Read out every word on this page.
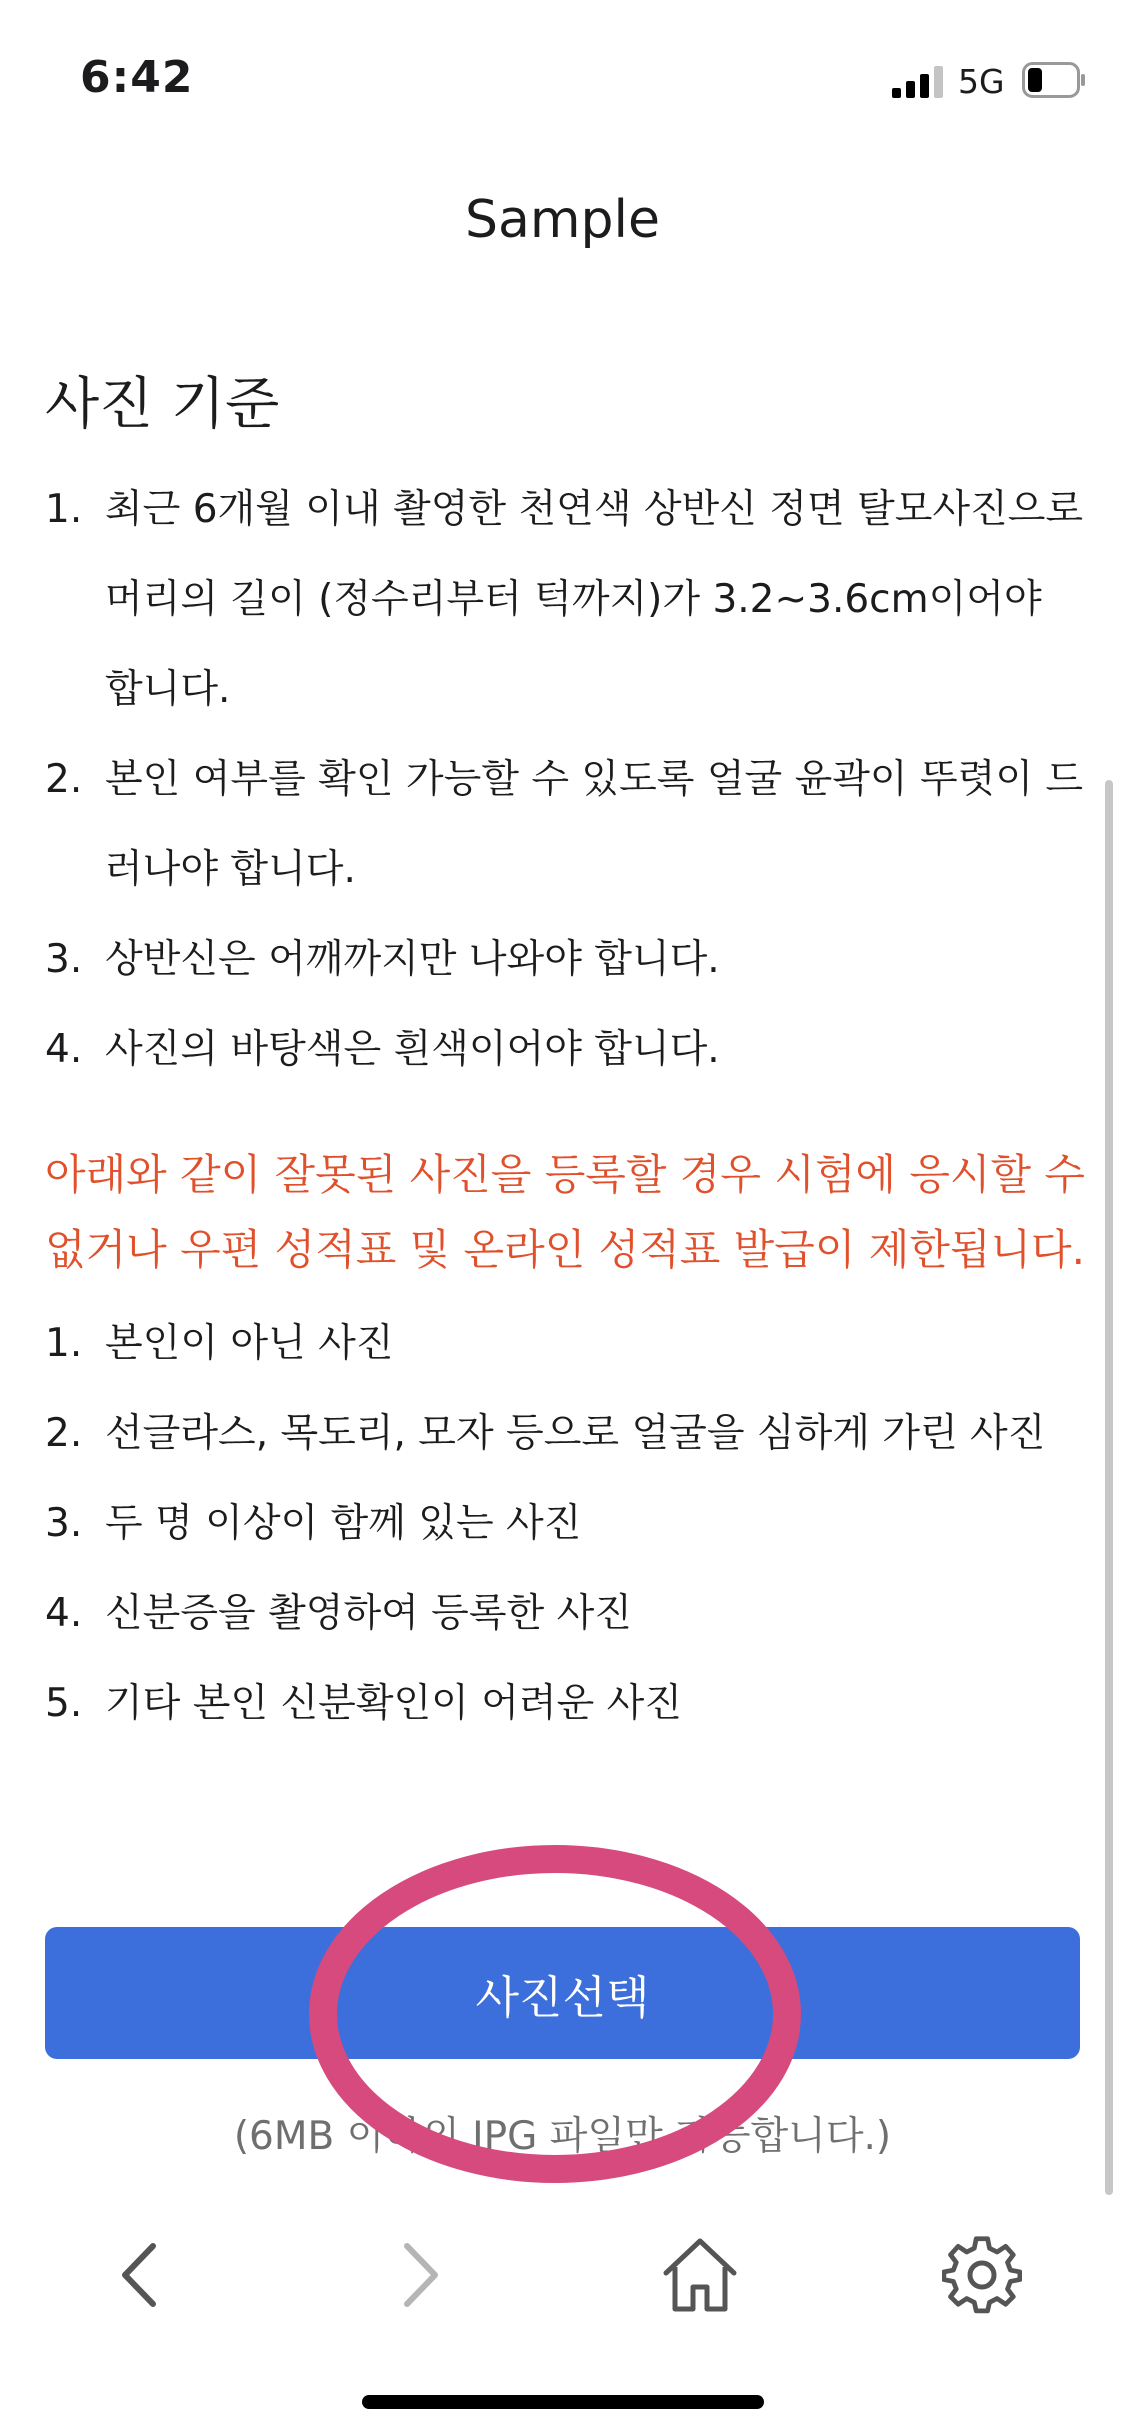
6:42	5G
Sample
사진 기준
1. 최근 6개월 이내 촬영한 천연색 상반신 정면 탈모사진으로 머리의 길이 (정수리부터 턱까지)가 3.2~3.6cm이어야 합니다.
2. 본인 여부를 확인 가능할 수 있도록 얼굴 윤곽이 뚜렷이 드러나야 합니다.
3. 상반신은 어깨까지만 나와야 합니다.
4. 사진의 바탕색은 흰색이어야 합니다.
아래와 같이 잘못된 사진을 등록할 경우 시험에 응시할 수 없거나 우편 성적표 및 온라인 성적표 발급이 제한됩니다.
1. 본인이 아닌 사진
2. 선글라스, 목도리, 모자 등으로 얼굴을 심하게 가린 사진
3. 두 명 이상이 함께 있는 사진
4. 신분증을 촬영하여 등록한 사진
5. 기타 본인 신분확인이 어려운 사진
사진선택
(6MB 이하의 JPG 파일만 가능합니다.)
